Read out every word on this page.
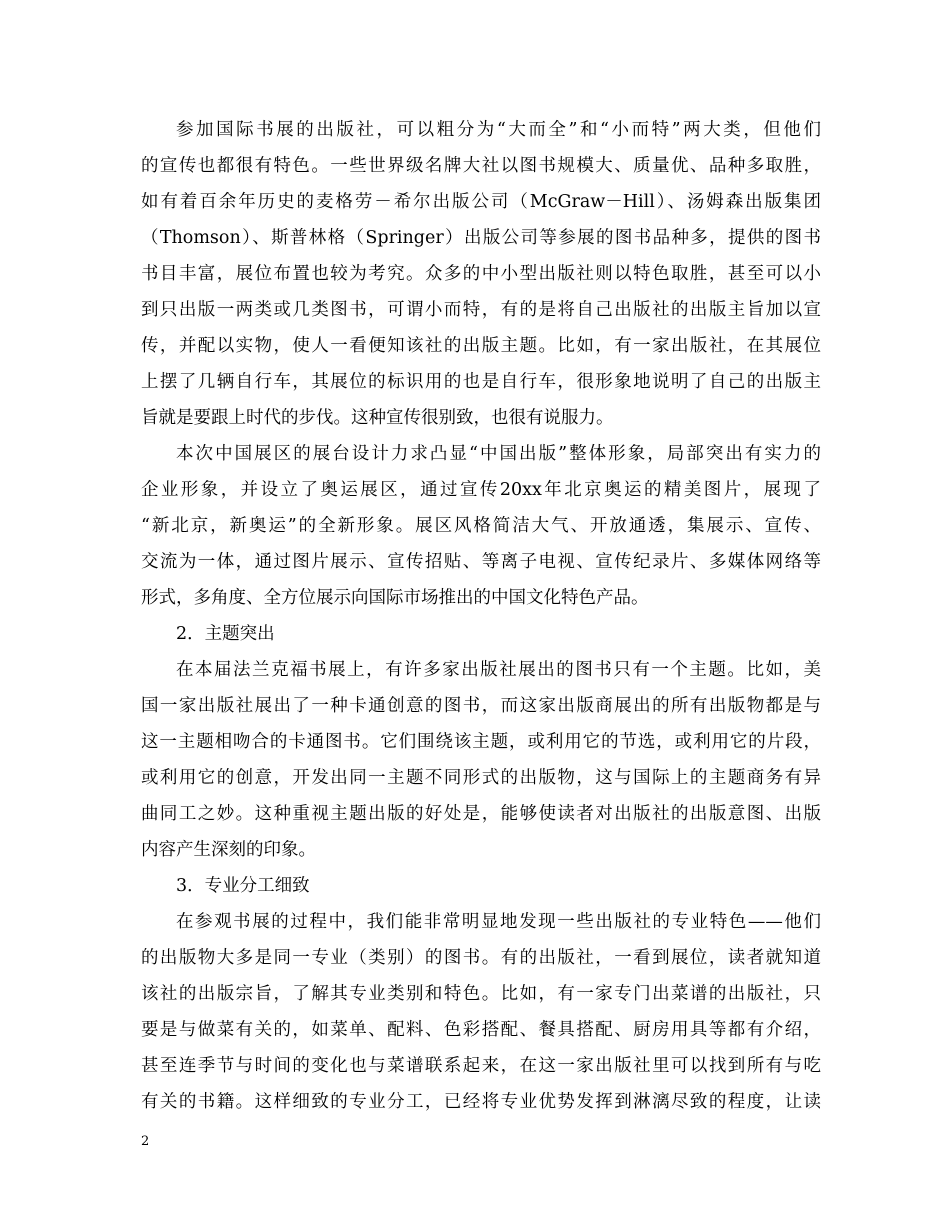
参加国际书展的出版社，可以粗分为“大而全”和“小而特”两大类，但他们
的宣传也都很有特色。一些世界级名牌大社以图书规模大、质量优、品种多取胜，
如有着百余年历史的麦格劳－希尔出版公司（McGraw－Hill）、汤姆森出版集团
（Thomson）、斯普林格（Springer）出版公司等参展的图书品种多，提供的图书
书目丰富，展位布置也较为考究。众多的中小型出版社则以特色取胜，甚至可以小
到只出版一两类或几类图书，可谓小而特，有的是将自己出版社的出版主旨加以宣
传，并配以实物，使人一看便知该社的出版主题。比如，有一家出版社，在其展位
上摆了几辆自行车，其展位的标识用的也是自行车，很形象地说明了自己的出版主
旨就是要跟上时代的步伐。这种宣传很别致，也很有说服力。
本次中国展区的展台设计力求凸显“中国出版”整体形象，局部突出有实力的
企业形象，并设立了奥运展区，通过宣传20xx年北京奥运的精美图片，展现了
“新北京，新奥运”的全新形象。展区风格简洁大气、开放通透，集展示、宣传、
交流为一体，通过图片展示、宣传招贴、等离子电视、宣传纪录片、多媒体网络等
形式，多角度、全方位展示向国际市场推出的中国文化特色产品。
2．主题突出
在本届法兰克福书展上，有许多家出版社展出的图书只有一个主题。比如，美
国一家出版社展出了一种卡通创意的图书，而这家出版商展出的所有出版物都是与
这一主题相吻合的卡通图书。它们围绕该主题，或利用它的节选，或利用它的片段，
或利用它的创意，开发出同一主题不同形式的出版物，这与国际上的主题商务有异
曲同工之妙。这种重视主题出版的好处是，能够使读者对出版社的出版意图、出版
内容产生深刻的印象。
3．专业分工细致
在参观书展的过程中，我们能非常明显地发现一些出版社的专业特色——他们
的出版物大多是同一专业（类别）的图书。有的出版社，一看到展位，读者就知道
该社的出版宗旨，了解其专业类别和特色。比如，有一家专门出菜谱的出版社，只
要是与做菜有关的，如菜单、配料、色彩搭配、餐具搭配、厨房用具等都有介绍，
甚至连季节与时间的变化也与菜谱联系起来，在这一家出版社里可以找到所有与吃
有关的书籍。这样细致的专业分工，已经将专业优势发挥到淋漓尽致的程度，让读
2
